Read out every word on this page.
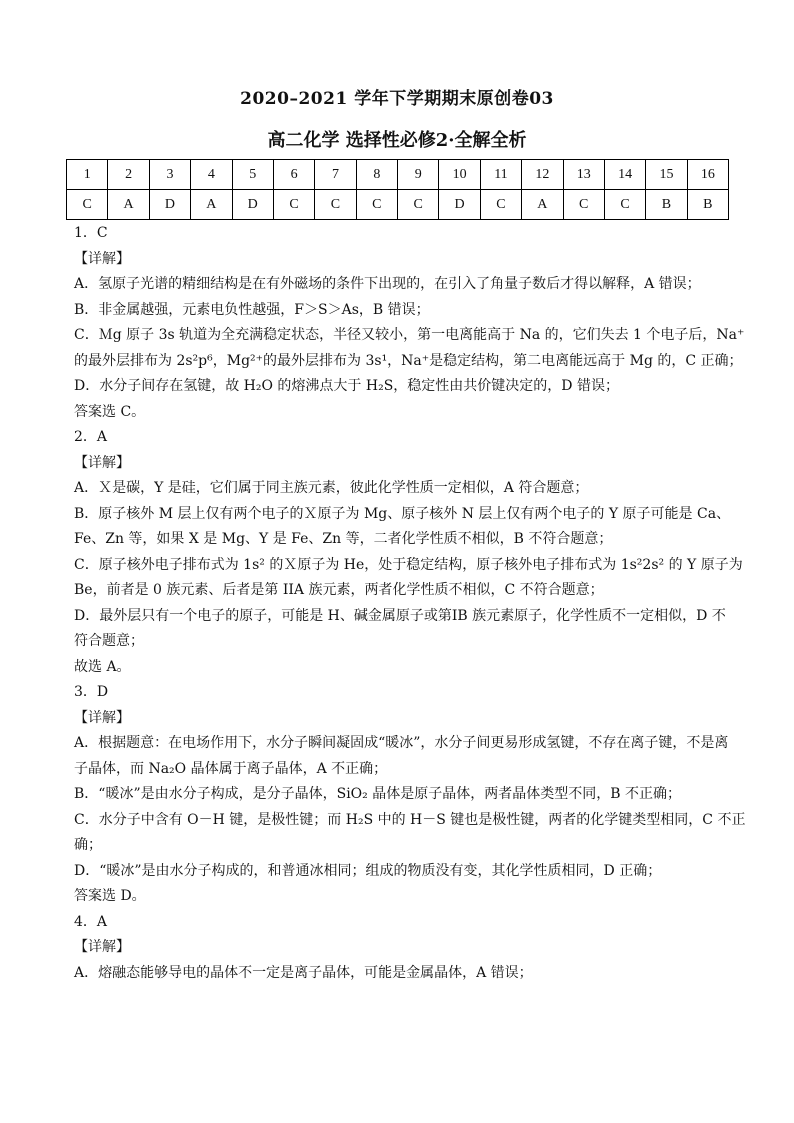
2020–2021 学年下学期期末原创卷03
高二化学 选择性必修2·全解全析
1	2	3	4	5	6	7	8	9	10	11	12	13	14	15	16
C	A	D	A	D	C	C	C	C	D	C	A	C	C	B	B
1．C
【详解】
A．氢原子光谱的精细结构是在有外磁场的条件下出现的，在引入了角量子数后才得以解释，A 错误；
B．非金属越强，元素电负性越强，F＞S＞As，B 错误；
C．Ｍg 原子 3s 轨道为全充满稳定状态，半径又较小，第一电离能高于 Na 的，它们失去 1 个电子后，Na⁺
的最外层排布为 2s²p⁶，Mg²⁺的最外层排布为 3s¹，Na⁺是稳定结构，第二电离能远高于 Mg 的，C 正确；
D．水分子间存在氢键，故 H₂O 的熔沸点大于 H₂S，稳定性由共价键决定的，D 错误；
答案选 C。
2．A
【详解】
A．Ｘ是碳，Y 是硅，它们属于同主族元素，彼此化学性质一定相似，A 符合题意；
B．原子核外 M 层上仅有两个电子的Ｘ原子为 Mg、原子核外 N 层上仅有两个电子的 Y 原子可能是 Ca、
Fe、Zn 等，如果 X 是 Mg、Y 是 Fe、Zn 等，二者化学性质不相似，B 不符合题意；
C．原子核外电子排布式为 1s² 的Ｘ原子为 He，处于稳定结构，原子核外电子排布式为 1s²2s² 的 Y 原子为
Be，前者是 0 族元素、后者是第 IIA 族元素，两者化学性质不相似，C 不符合题意；
D．最外层只有一个电子的原子，可能是 H、碱金属原子或第ⅠB 族元素原子，化学性质不一定相似，D 不
符合题意；
故选 A。
3．D
【详解】
A．根据题意：在电场作用下，水分子瞬间凝固成“暖冰”，水分子间更易形成氢键，不存在离子键，不是离
子晶体，而 Na₂O 晶体属于离子晶体，A 不正确；
B．“暖冰”是由水分子构成，是分子晶体，SiO₂ 晶体是原子晶体，两者晶体类型不同，B 不正确；
C．水分子中含有 O－H 键，是极性键；而 H₂S 中的 H－S 键也是极性键，两者的化学键类型相同，C 不正
确；
D．“暖冰”是由水分子构成的，和普通冰相同；组成的物质没有变，其化学性质相同，D 正确；
答案选 D。
4．A
【详解】
A．熔融态能够导电的晶体不一定是离子晶体，可能是金属晶体，A 错误；
